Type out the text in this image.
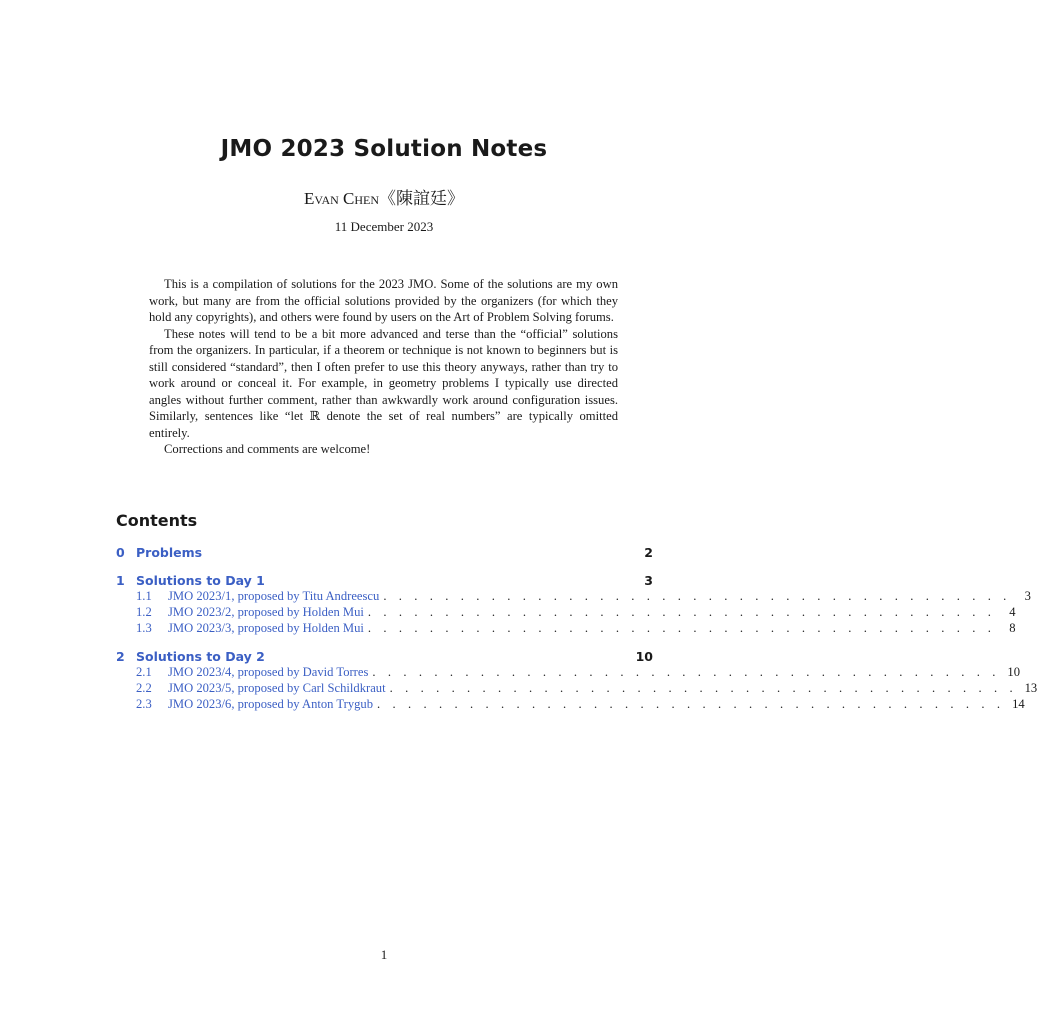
JMO 2023 Solution Notes
Evan Chen《陳誼廷》
11 December 2023

This is a compilation of solutions for the 2023 JMO. Some of the solutions are my own work, but many are from the official solutions provided by the organizers (for which they hold any copyrights), and others were found by users on the Art of Problem Solving forums.

These notes will tend to be a bit more advanced and terse than the “official” solutions from the organizers. In particular, if a theorem or technique is not known to beginners but is still considered “standard”, then I often prefer to use this theory anyways, rather than try to work around or conceal it. For example, in geometry problems I typically use directed angles without further comment, rather than awkwardly work around configuration issues. Similarly, sentences like “let ℝ denote the set of real numbers” are typically omitted entirely.

Corrections and comments are welcome!

Contents
0 Problems	2
1 Solutions to Day 1	3
1.1	JMO 2023/1, proposed by Titu Andreescu . . . . . . . . . . . . . . . . . . . . . . . . . . . . . . . . . . . . . . . . .	3
1.2	JMO 2023/2, proposed by Holden Mui . . . . . . . . . . . . . . . . . . . . . . . . . . . . . . . . . . . . . . . . .	4
1.3	JMO 2023/3, proposed by Holden Mui . . . . . . . . . . . . . . . . . . . . . . . . . . . . . . . . . . . . . . . . .	8
2 Solutions to Day 2	10
2.1	JMO 2023/4, proposed by David Torres . . . . . . . . . . . . . . . . . . . . . . . . . . . . . . . . . . . . . . . . . 10
2.2	JMO 2023/5, proposed by Carl Schildkraut . . . . . . . . . . . . . . . . . . . . . . . . . . . . . . . . . . . . . . . . . 13
2.3	JMO 2023/6, proposed by Anton Trygub . . . . . . . . . . . . . . . . . . . . . . . . . . . . . . . . . . . . . . . . . 14
1
